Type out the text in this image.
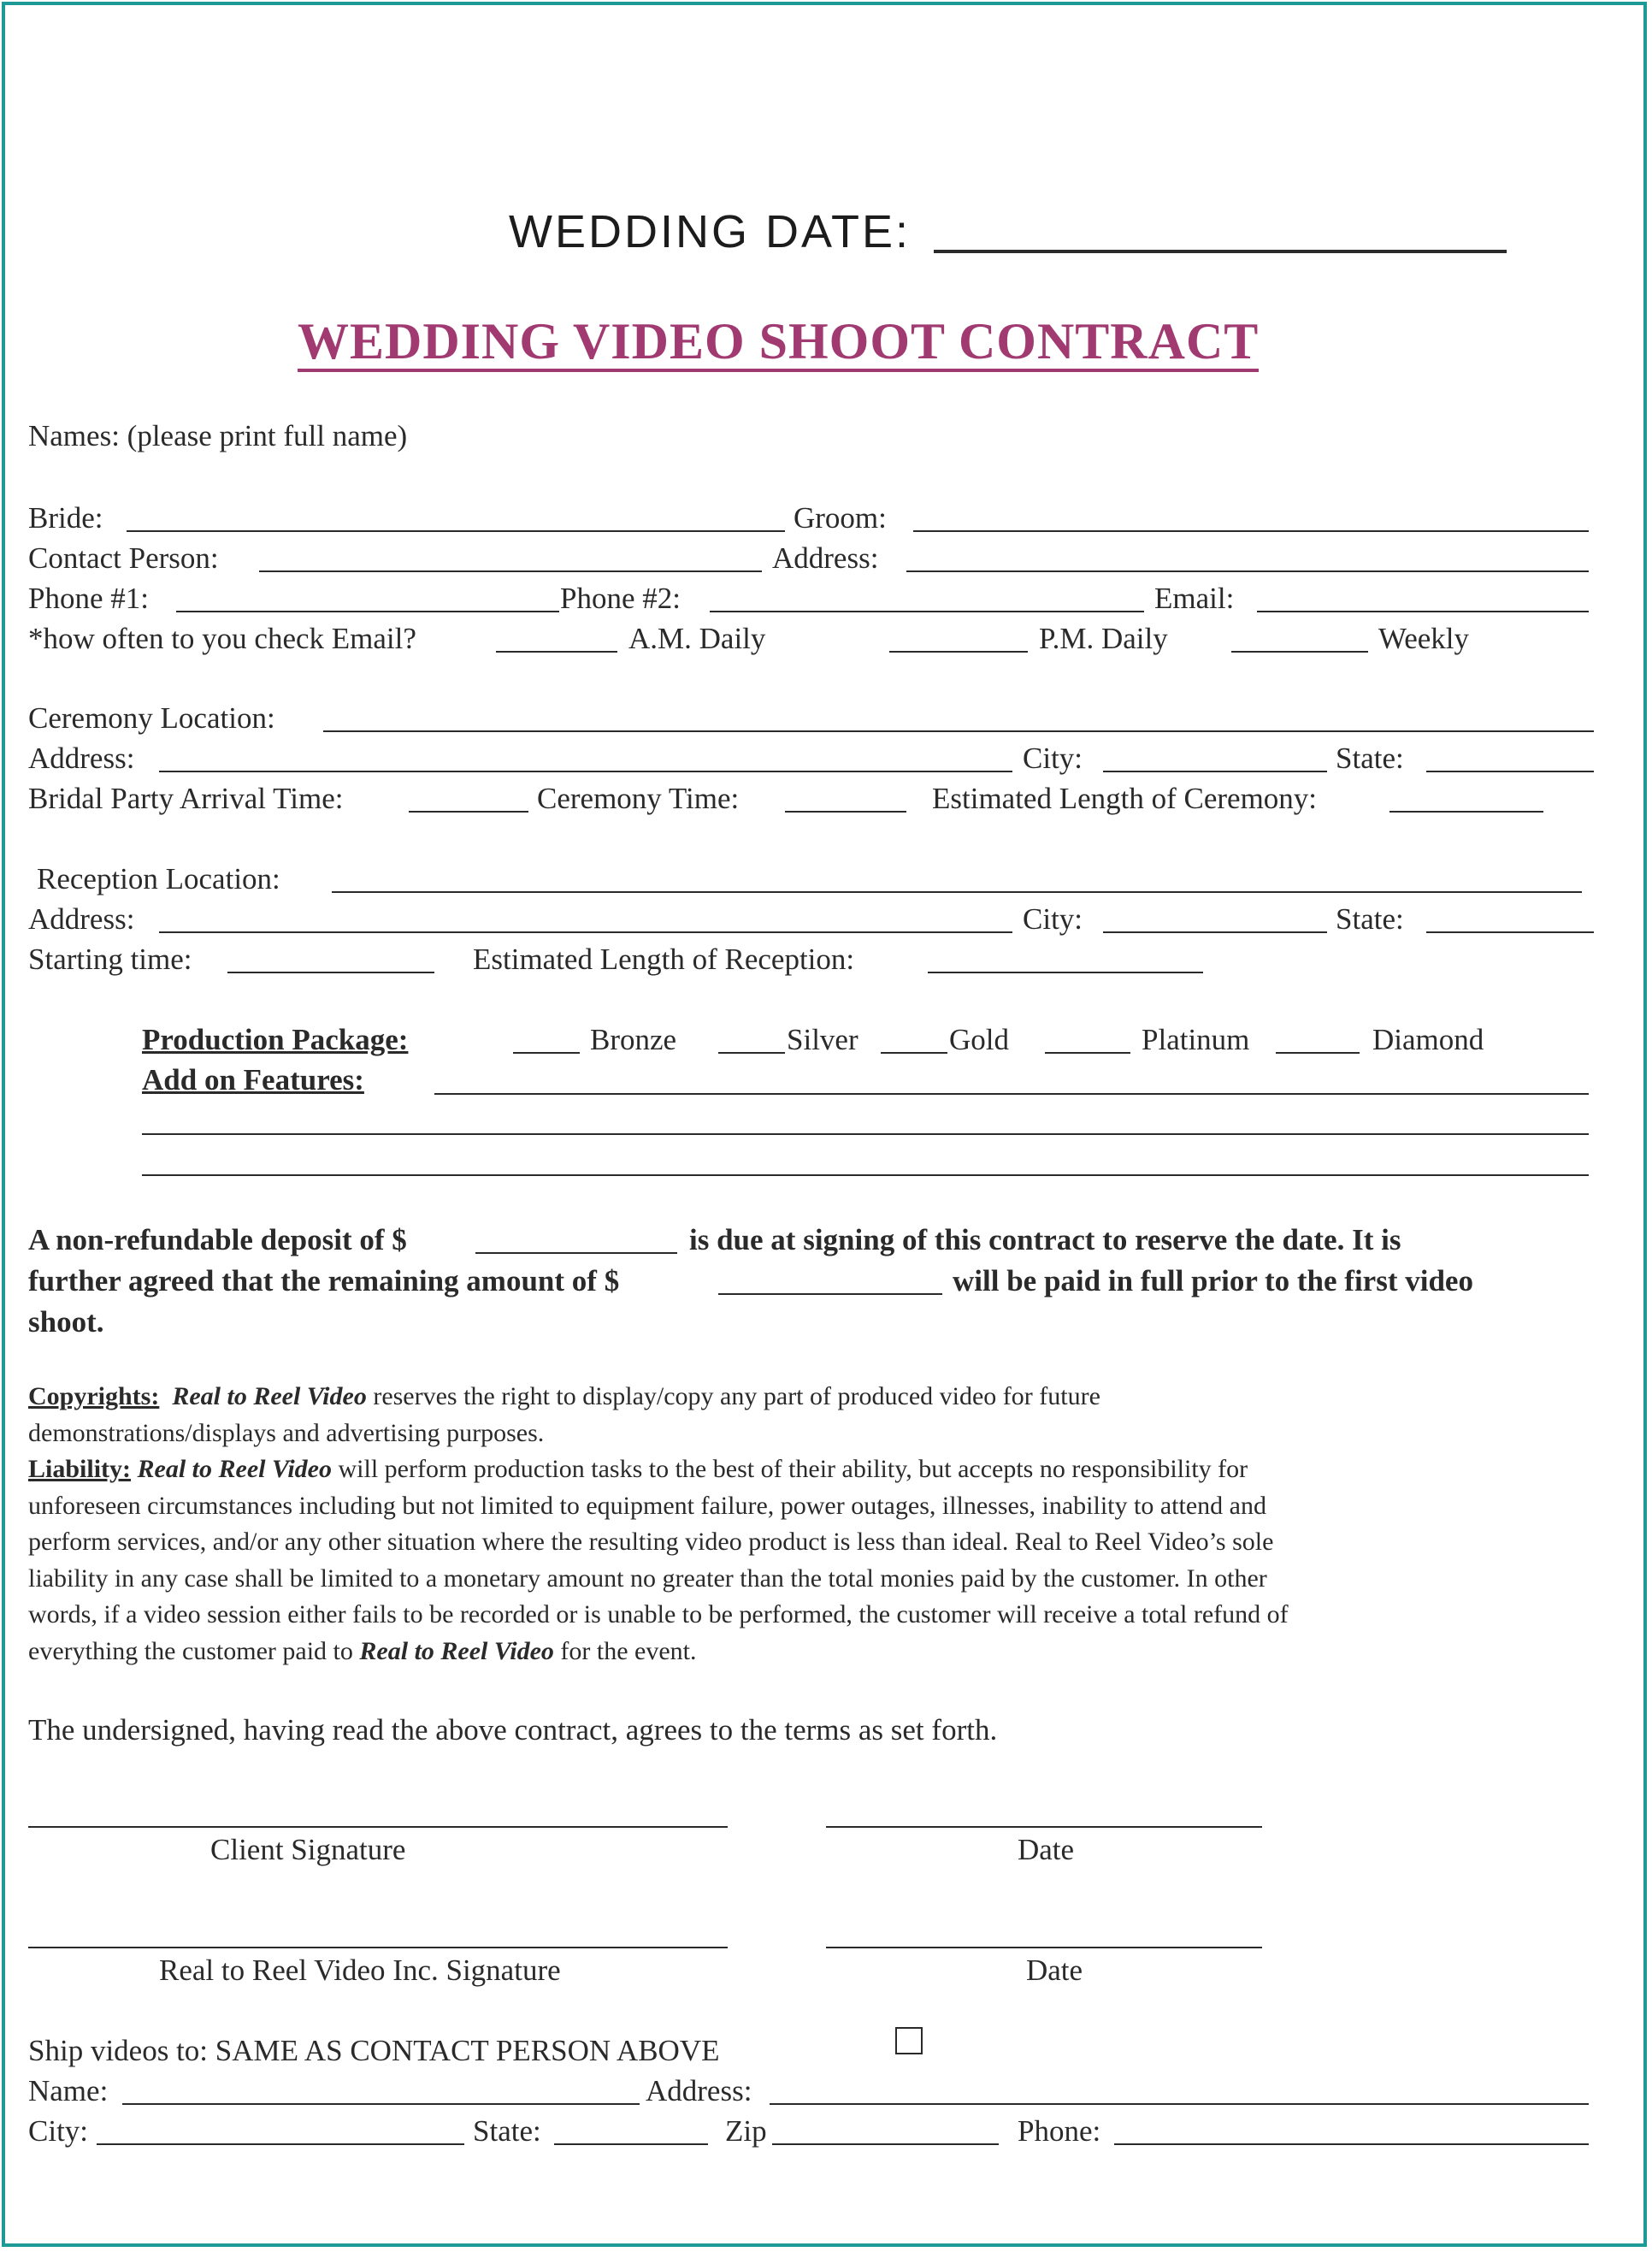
WEDDING DATE:
WEDDING VIDEO SHOOT CONTRACT
Names: (please print full name)
Bride:	Groom:
Contact Person:	Address:
Phone #1:	Phone #2:	Email:
*how often to you check Email?	A.M. Daily	P.M. Daily	Weekly
Ceremony Location:
Address:	City:	State:
Bridal Party Arrival Time:	Ceremony Time:	Estimated Length of Ceremony:
Reception Location:
Address:	City:	State:
Starting time:	Estimated Length of Reception:
Production Package:	Bronze	Silver	Gold	Platinum	Diamond
Add on Features:
A non-refundable deposit of $	is due at signing of this contract to reserve the date. It is
further agreed that the remaining amount of $	will be paid in full prior to the first video
shoot.
Copyrights: Real to Reel Video reserves the right to display/copy any part of produced video for future
demonstrations/displays and advertising purposes.
Liability: Real to Reel Video will perform production tasks to the best of their ability, but accepts no responsibility for
unforeseen circumstances including but not limited to equipment failure, power outages, illnesses, inability to attend and
perform services, and/or any other situation where the resulting video product is less than ideal. Real to Reel Video’s sole
liability in any case shall be limited to a monetary amount no greater than the total monies paid by the customer. In other
words, if a video session either fails to be recorded or is unable to be performed, the customer will receive a total refund of
everything the customer paid to Real to Reel Video for the event.
The undersigned, having read the above contract, agrees to the terms as set forth.
Client Signature	Date
Real to Reel Video Inc. Signature	Date
Ship videos to: SAME AS CONTACT PERSON ABOVE
Name:	Address:
City:	State:	Zip	Phone:
